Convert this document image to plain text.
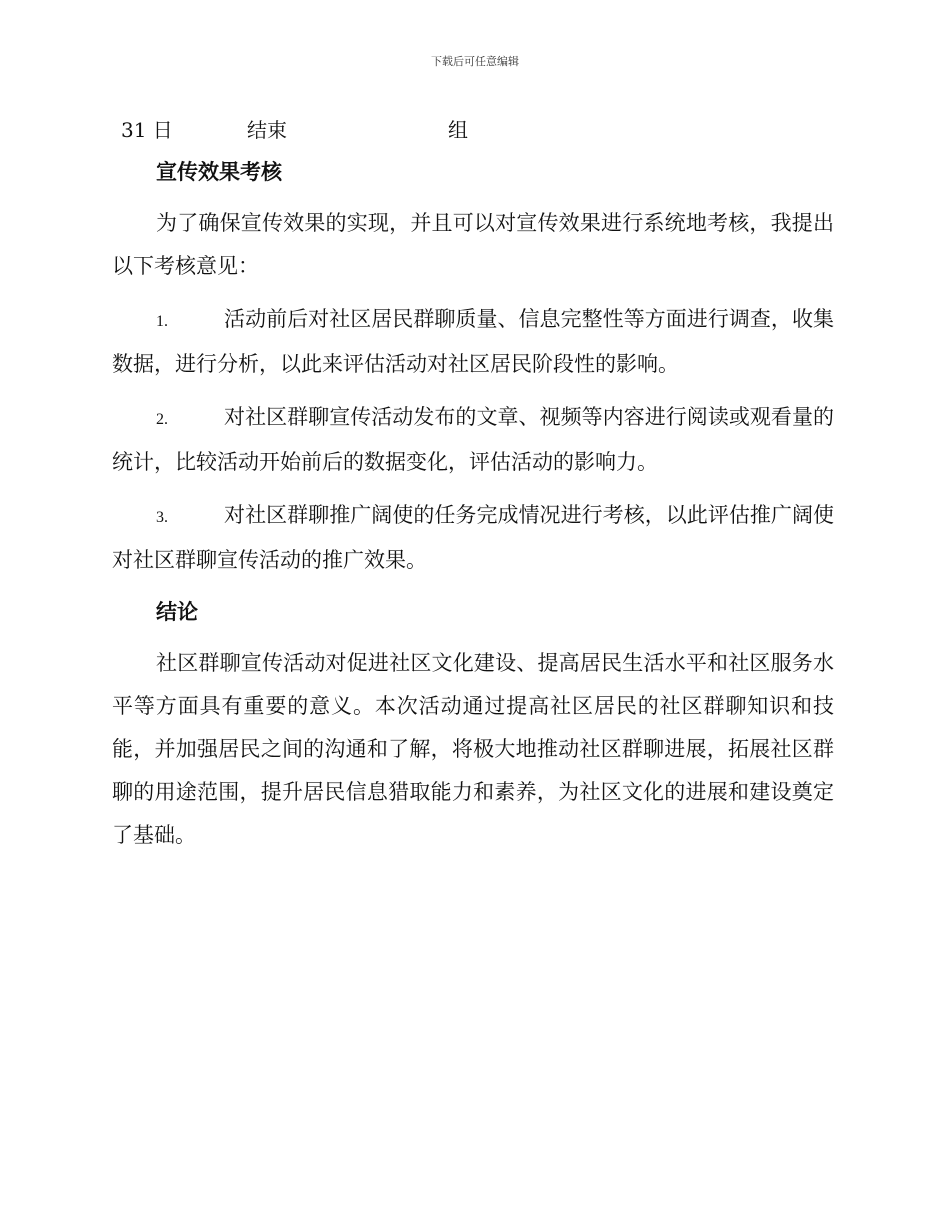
下载后可任意编辑
31 日	结束	组
宣传效果考核

为了确保宣传效果的实现，并且可以对宣传效果进行系统地考核，我提出以下考核意见：

1.	活动前后对社区居民群聊质量、信息完整性等方面进行调查，收集数据，进行分析，以此来评估活动对社区居民阶段性的影响。

2.	对社区群聊宣传活动发布的文章、视频等内容进行阅读或观看量的统计，比较活动开始前后的数据变化，评估活动的影响力。

3.	对社区群聊推广阔使的任务完成情况进行考核，以此评估推广阔使对社区群聊宣传活动的推广效果。

结论

社区群聊宣传活动对促进社区文化建设、提高居民生活水平和社区服务水平等方面具有重要的意义。本次活动通过提高社区居民的社区群聊知识和技能，并加强居民之间的沟通和了解，将极大地推动社区群聊进展，拓展社区群聊的用途范围，提升居民信息猎取能力和素养，为社区文化的进展和建设奠定了基础。
